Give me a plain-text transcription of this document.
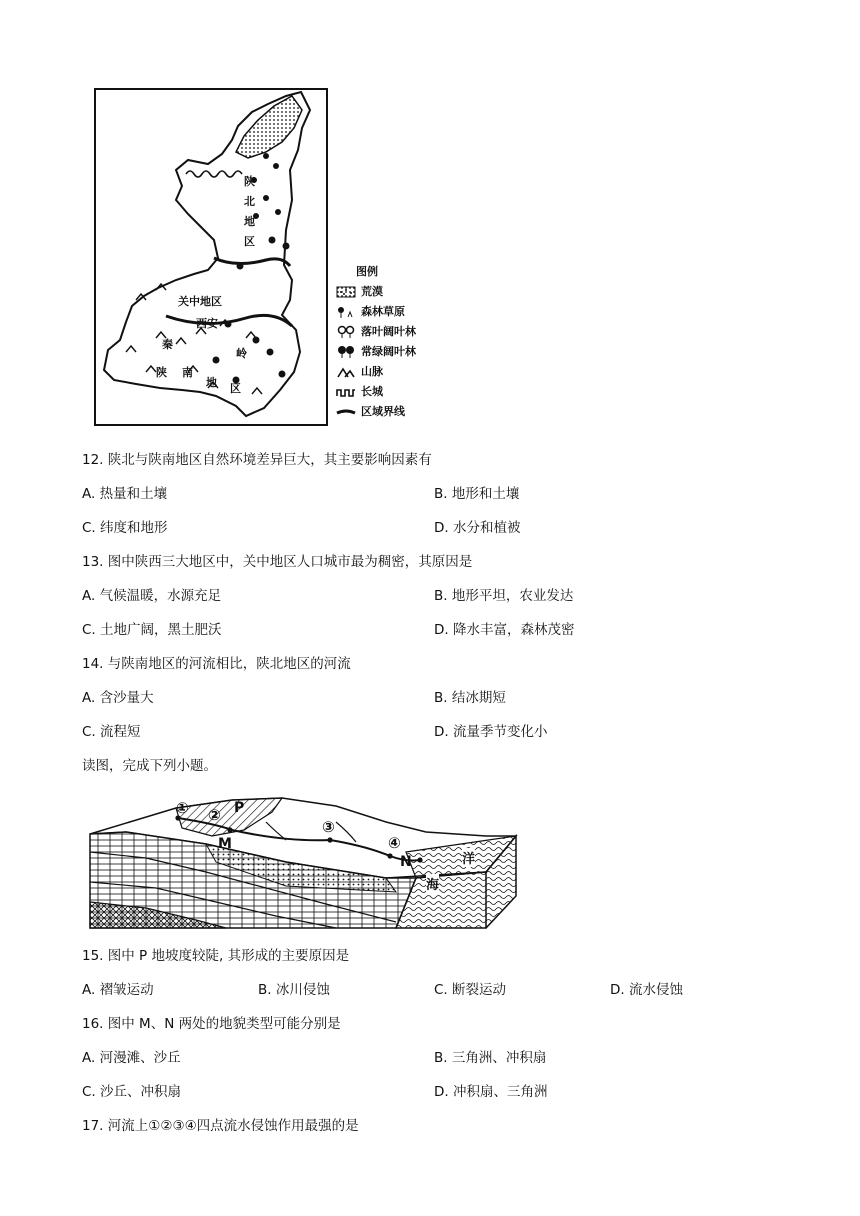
陕
北
地
区
关中地区
西安
秦
岭
陕 南
地 区
图例
荒漠
森林草原
落叶阔叶林
常绿阔叶林
山脉
长城
区域界线
12. 陕北与陕南地区自然环境差异巨大，其主要影响因素有
A. 热量和土壤	B. 地形和土壤
C. 纬度和地形	D. 水分和植被
13. 图中陕西三大地区中，关中地区人口城市最为稠密，其原因是
A. 气候温暖，水源充足	B. 地形平坦，农业发达
C. 土地广阔，黑土肥沃	D. 降水丰富，森林茂密
14. 与陕南地区的河流相比，陕北地区的河流
A. 含沙量大	B. 结冰期短
C. 流程短	D. 流量季节变化小
读图，完成下列小题。
① ② P
M
③
④
N	洋
海
15. 图中 P 地坡度较陡, 其形成的主要原因是
A. 褶皱运动	B. 冰川侵蚀	C. 断裂运动	D. 流水侵蚀
16. 图中 M、N 两处的地貌类型可能分别是
A. 河漫滩、沙丘	B. 三角洲、冲积扇
C. 沙丘、冲积扇	D. 冲积扇、三角洲
17. 河流上①②③④四点流水侵蚀作用最强的是
